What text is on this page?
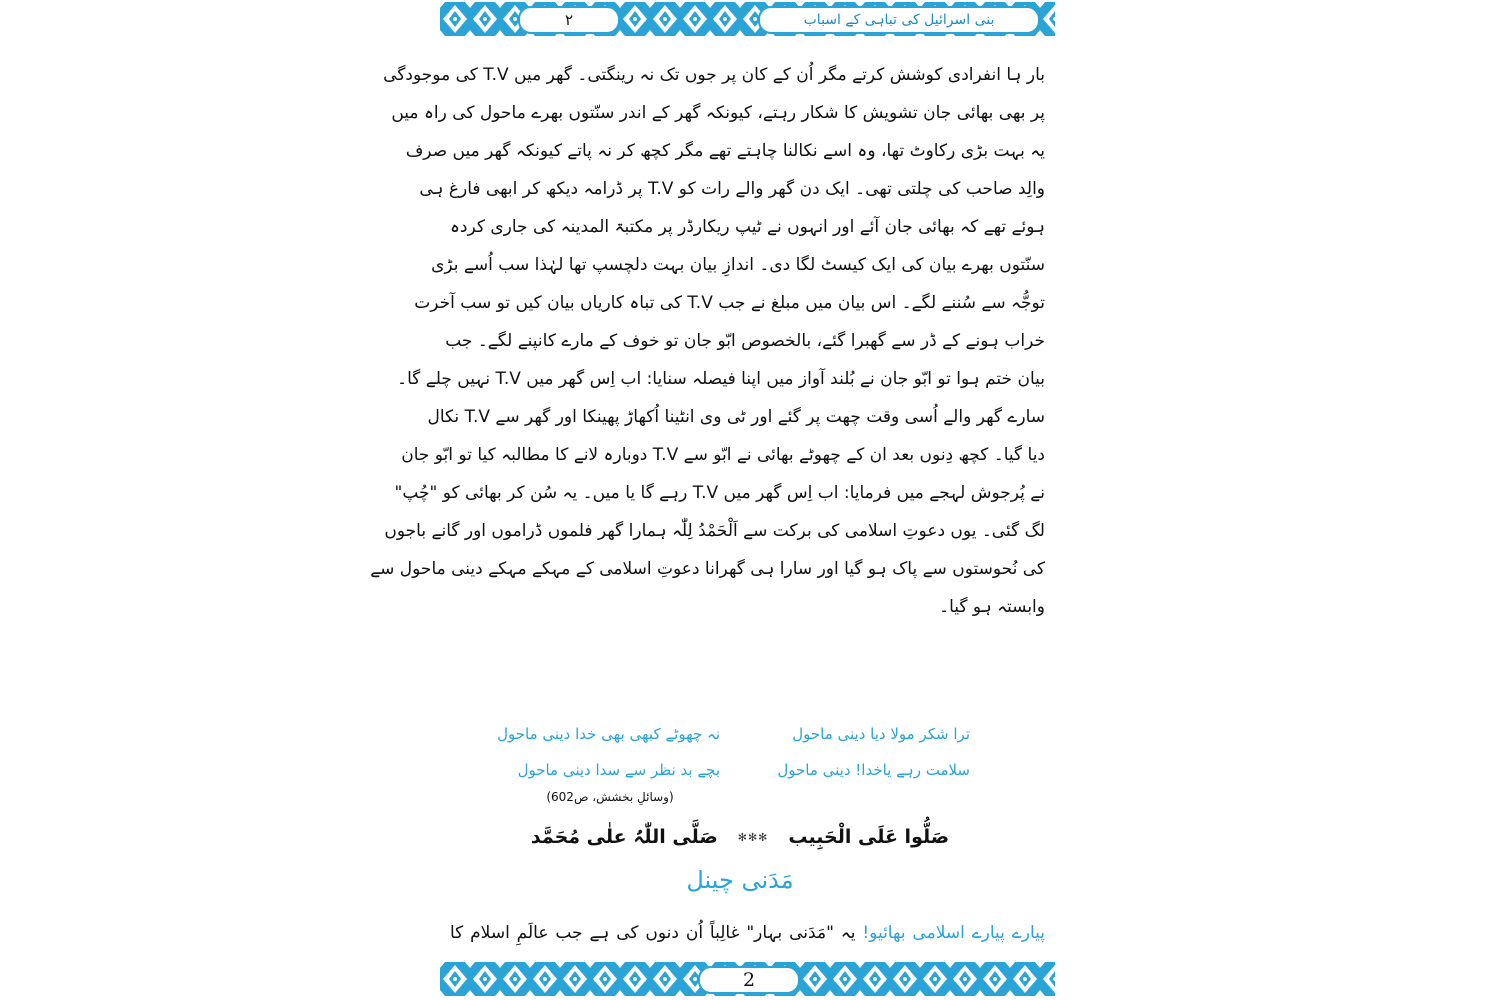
بنی اسرائیل کی تباہی کے اسباب
۲
بار ہا انفرادی کوشش کرتے مگر اُن کے کان پر جوں تک نہ رینگتی۔ گھر میں T.V کی موجودگی
پر بھی بھائی جان تشویش کا شکار رہتے، کیونکہ گھر کے اندر سنّتوں بھرے ماحول کی راہ میں
یہ بہت بڑی رکاوٹ تھا، وہ اسے نکالنا چاہتے تھے مگر کچھ کر نہ پاتے کیونکہ گھر میں صرف
والِد صاحب کی چلتی تھی۔ ایک دن گھر والے رات کو T.V پر ڈرامہ دیکھ کر ابھی فارغ ہی
ہوئے تھے کہ بھائی جان آئے اور انہوں نے ٹیپ ریکارڈر پر مکتبۃ المدینہ کی جاری کردہ
سنّتوں بھرے بیان کی ایک کیسٹ لگا دی۔ اندازِ بیان بہت دلچسپ تھا لہٰذا سب اُسے بڑی
توجُّہ سے سُننے لگے۔ اس بیان میں مبلغ نے جب T.V کی تباہ کاریاں بیان کیں تو سب آخرت
خراب ہونے کے ڈر سے گھبرا گئے، بالخصوص ابّو جان تو خوف کے مارے کانپنے لگے۔ جب
بیان ختم ہوا تو ابّو جان نے بُلند آواز میں اپنا فیصلہ سنایا: اب اِس گھر میں T.V نہیں چلے گا۔
سارے گھر والے اُسی وقت چھت پر گئے اور ٹی وی انٹینا اُکھاڑ پھینکا اور گھر سے T.V نکال
دیا گیا۔ کچھ دِنوں بعد ان کے چھوٹے بھائی نے ابّو سے T.V دوبارہ لانے کا مطالبہ کیا تو ابّو جان
نے پُرجوش لہجے میں فرمایا: اب اِس گھر میں T.V رہے گا یا میں۔ یہ سُن کر بھائی کو "چُپ"
لگ گئی۔ یوں دعوتِ اسلامی کی برکت سے اَلْحَمْدُ لِلّٰہ ہمارا گھر فلموں ڈراموں اور گانے باجوں
کی نُحوستوں سے پاک ہو گیا اور سارا ہی گھرانا دعوتِ اسلامی کے مہکے مہکے دینی ماحول سے
وابستہ ہو گیا۔
ترا شکر مولا دیا دینی ماحول
نہ چھوٹے کبھی بھی خدا دینی ماحول
سلامت رہے یاخدا! دینی ماحول
بچے بد نظر سے سدا دینی ماحول
(وسائلِ بخشش، ص602)
صَلُّوا عَلَی الْحَبِیب
✻✻✻
صَلَّی اللّٰہُ علٰی مُحَمَّد
مَدَنی چینل
پیارے پیارے اسلامی بھائیو! یہ "مَدَنی بہار" غالِباً اُن دنوں کی ہے جب عالَمِ اسلام کا
2
